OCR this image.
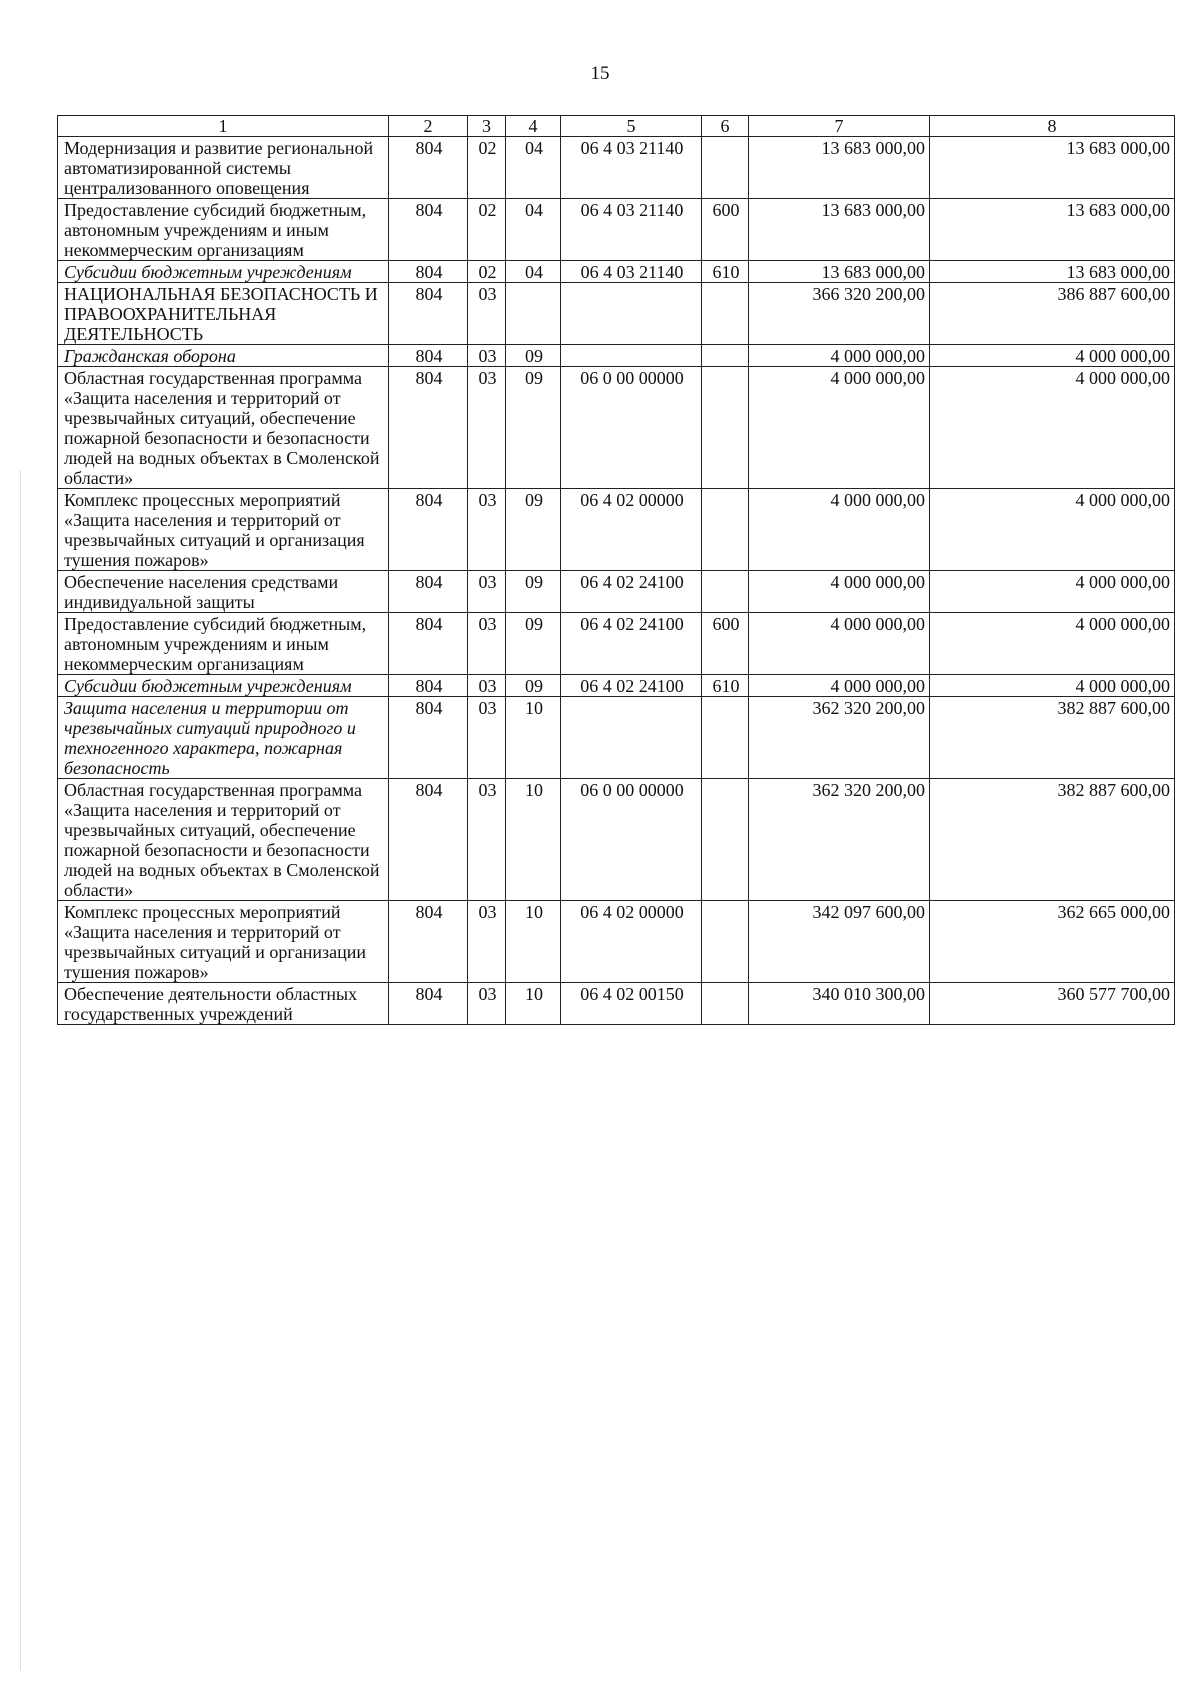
15
1	2	3	4	5	6	7	8
Модернизация и развитие региональной автоматизированной системы централизованного оповещения	804	02	04	06 4 03 21140		13 683 000,00	13 683 000,00
Предоставление субсидий бюджетным, автономным учреждениям и иным некоммерческим организациям	804	02	04	06 4 03 21140	600	13 683 000,00	13 683 000,00
Субсидии бюджетным учреждениям	804	02	04	06 4 03 21140	610	13 683 000,00	13 683 000,00
НАЦИОНАЛЬНАЯ БЕЗОПАСНОСТЬ И ПРАВООХРАНИТЕЛЬНАЯ ДЕЯТЕЛЬНОСТЬ	804	03				366 320 200,00	386 887 600,00
Гражданская оборона	804	03	09			4 000 000,00	4 000 000,00
Областная государственная программа «Защита населения и территорий от чрезвычайных ситуаций, обеспечение пожарной безопасности и безопасности людей на водных объектах в Смоленской области»	804	03	09	06 0 00 00000		4 000 000,00	4 000 000,00
Комплекс процессных мероприятий «Защита населения и территорий от чрезвычайных ситуаций и организация тушения пожаров»	804	03	09	06 4 02 00000		4 000 000,00	4 000 000,00
Обеспечение населения средствами индивидуальной защиты	804	03	09	06 4 02 24100		4 000 000,00	4 000 000,00
Предоставление субсидий бюджетным, автономным учреждениям и иным некоммерческим организациям	804	03	09	06 4 02 24100	600	4 000 000,00	4 000 000,00
Субсидии бюджетным учреждениям	804	03	09	06 4 02 24100	610	4 000 000,00	4 000 000,00
Защита населения и территории от чрезвычайных ситуаций природного и техногенного характера, пожарная безопасность	804	03	10			362 320 200,00	382 887 600,00
Областная государственная программа «Защита населения и территорий от чрезвычайных ситуаций, обеспечение пожарной безопасности и безопасности людей на водных объектах в Смоленской области»	804	03	10	06 0 00 00000		362 320 200,00	382 887 600,00
Комплекс процессных мероприятий «Защита населения и территорий от чрезвычайных ситуаций и организации тушения пожаров»	804	03	10	06 4 02 00000		342 097 600,00	362 665 000,00
Обеспечение деятельности областных государственных учреждений	804	03	10	06 4 02 00150		340 010 300,00	360 577 700,00
